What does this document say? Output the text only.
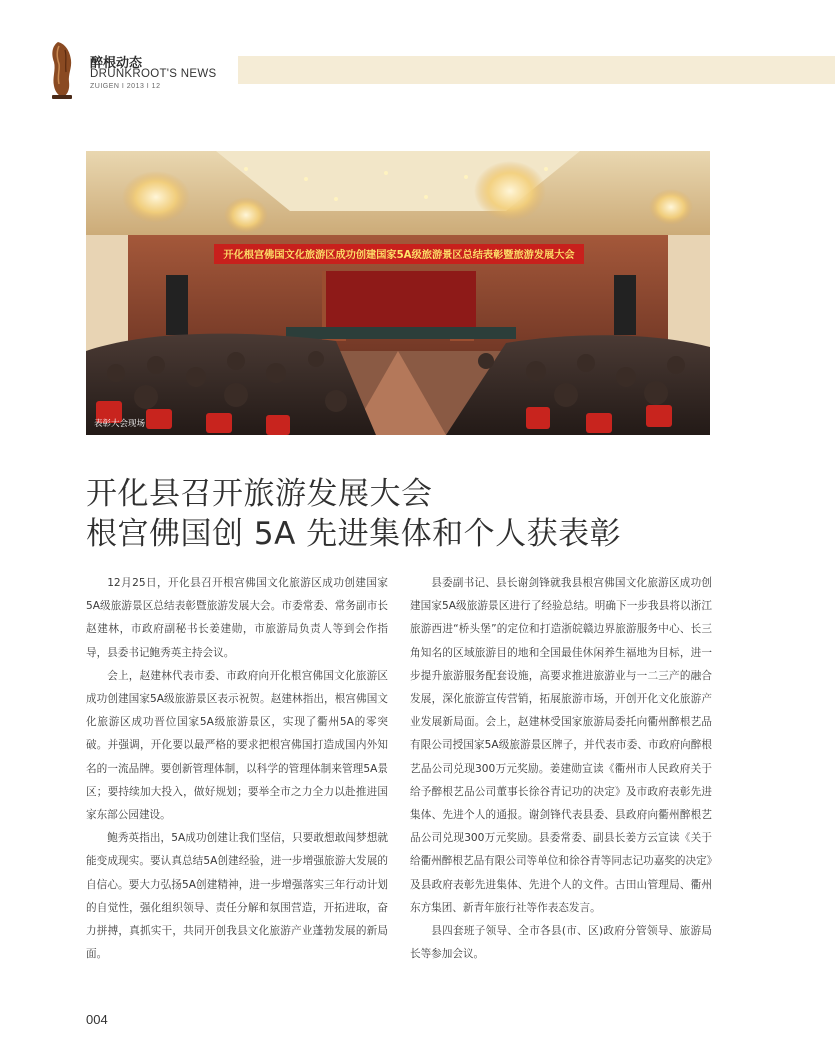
醉根动态
DRUNKROOT'S NEWS
ZUIGEN I 2013 I 12
开化根宫佛国文化旅游区成功创建国家5A级旅游景区总结表彰暨旅游发展大会
表彰大会现场
开化县召开旅游发展大会
根宫佛国创 5A 先进集体和个人获表彰

12月25日，开化县召开根宫佛国文化旅游区成功创建国家5A级旅游景区总结表彰暨旅游发展大会。市委常委、常务副市长赵建林，市政府副秘书长姜建勋，市旅游局负责人等到会作指导，县委书记鲍秀英主持会议。

会上，赵建林代表市委、市政府向开化根宫佛国文化旅游区成功创建国家5A级旅游景区表示祝贺。赵建林指出，根宫佛国文化旅游区成功晋位国家5A级旅游景区，实现了衢州5A的零突破。并强调，开化要以最严格的要求把根宫佛国打造成国内外知名的一流品牌。要创新管理体制，以科学的管理体制来管理5A景区；要持续加大投入，做好规划；要举全市之力全力以赴推进国家东部公园建设。

鲍秀英指出，5A成功创建让我们坚信，只要敢想敢闯梦想就能变成现实。要认真总结5A创建经验，进一步增强旅游大发展的自信心。要大力弘扬5A创建精神，进一步增强落实三年行动计划的自觉性，强化组织领导、责任分解和氛围营造，开拓进取，奋力拼搏，真抓实干，共同开创我县文化旅游产业蓬勃发展的新局面。

县委副书记、县长谢剑锋就我县根宫佛国文化旅游区成功创建国家5A级旅游景区进行了经验总结。明确下一步我县将以浙江旅游西进“桥头堡”的定位和打造浙皖赣边界旅游服务中心、长三角知名的区域旅游目的地和全国最佳休闲养生福地为目标，进一步提升旅游服务配套设施，高要求推进旅游业与一二三产的融合发展，深化旅游宣传营销，拓展旅游市场，开创开化文化旅游产业发展新局面。会上，赵建林受国家旅游局委托向衢州醉根艺品有限公司授国家5A级旅游景区牌子，并代表市委、市政府向醉根艺品公司兑现300万元奖励。姜建勋宣读《衢州市人民政府关于给予醉根艺品公司董事长徐谷青记功的决定》及市政府表彰先进集体、先进个人的通报。谢剑锋代表县委、县政府向衢州醉根艺品公司兑现300万元奖励。县委常委、副县长姜方云宣读《关于给衢州醉根艺品有限公司等单位和徐谷青等同志记功嘉奖的决定》及县政府表彰先进集体、先进个人的文件。古田山管理局、衢州东方集团、新青年旅行社等作表态发言。

县四套班子领导、全市各县(市、区)政府分管领导、旅游局长等参加会议。

004
